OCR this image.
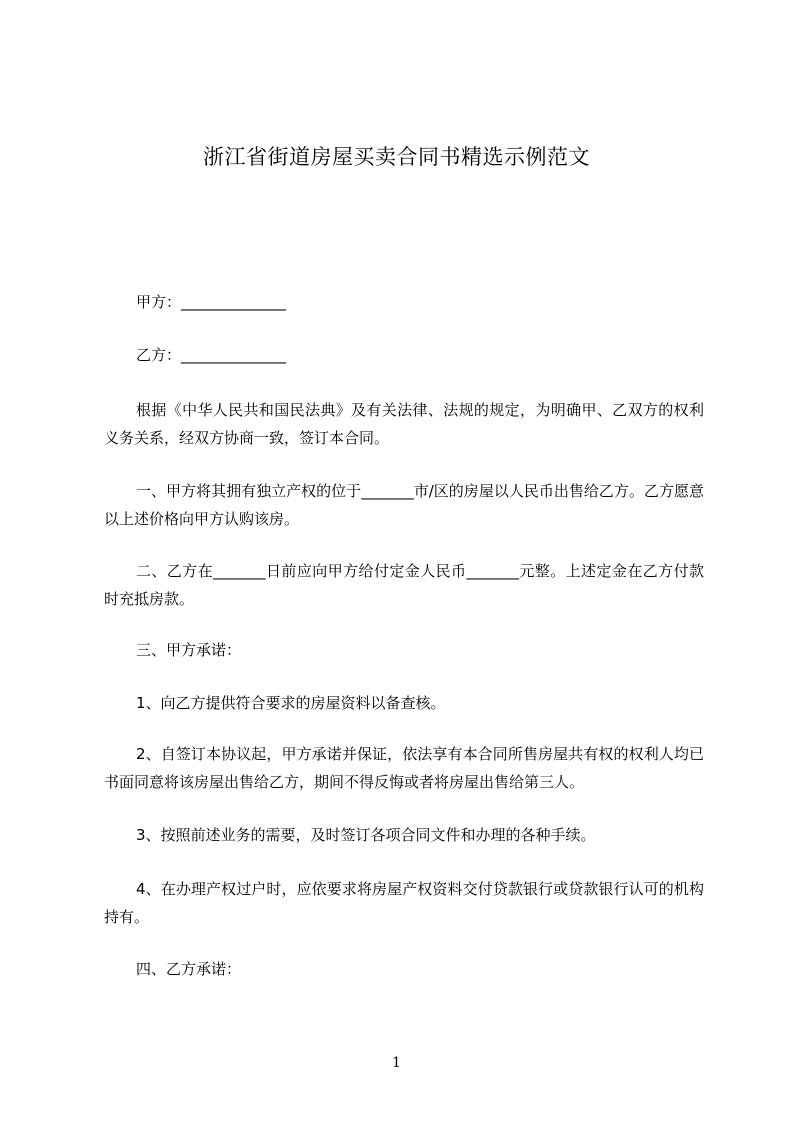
浙江省街道房屋买卖合同书精选示例范文
甲方：______________
乙方：______________
根据《中华人民共和国民法典》及有关法律、法规的规定，为明确甲、乙双方的权利义务关系，经双方协商一致，签订本合同。
一、甲方将其拥有独立产权的位于_______市/区的房屋以人民币出售给乙方。乙方愿意以上述价格向甲方认购该房。
二、乙方在_______日前应向甲方给付定金人民币_______元整。上述定金在乙方付款时充抵房款。
三、甲方承诺：
1、向乙方提供符合要求的房屋资料以备查核。
2、自签订本协议起，甲方承诺并保证，依法享有本合同所售房屋共有权的权利人均已书面同意将该房屋出售给乙方，期间不得反悔或者将房屋出售给第三人。
3、按照前述业务的需要，及时签订各项合同文件和办理的各种手续。
4、在办理产权过户时，应依要求将房屋产权资料交付贷款银行或贷款银行认可的机构持有。
四、乙方承诺：
1
